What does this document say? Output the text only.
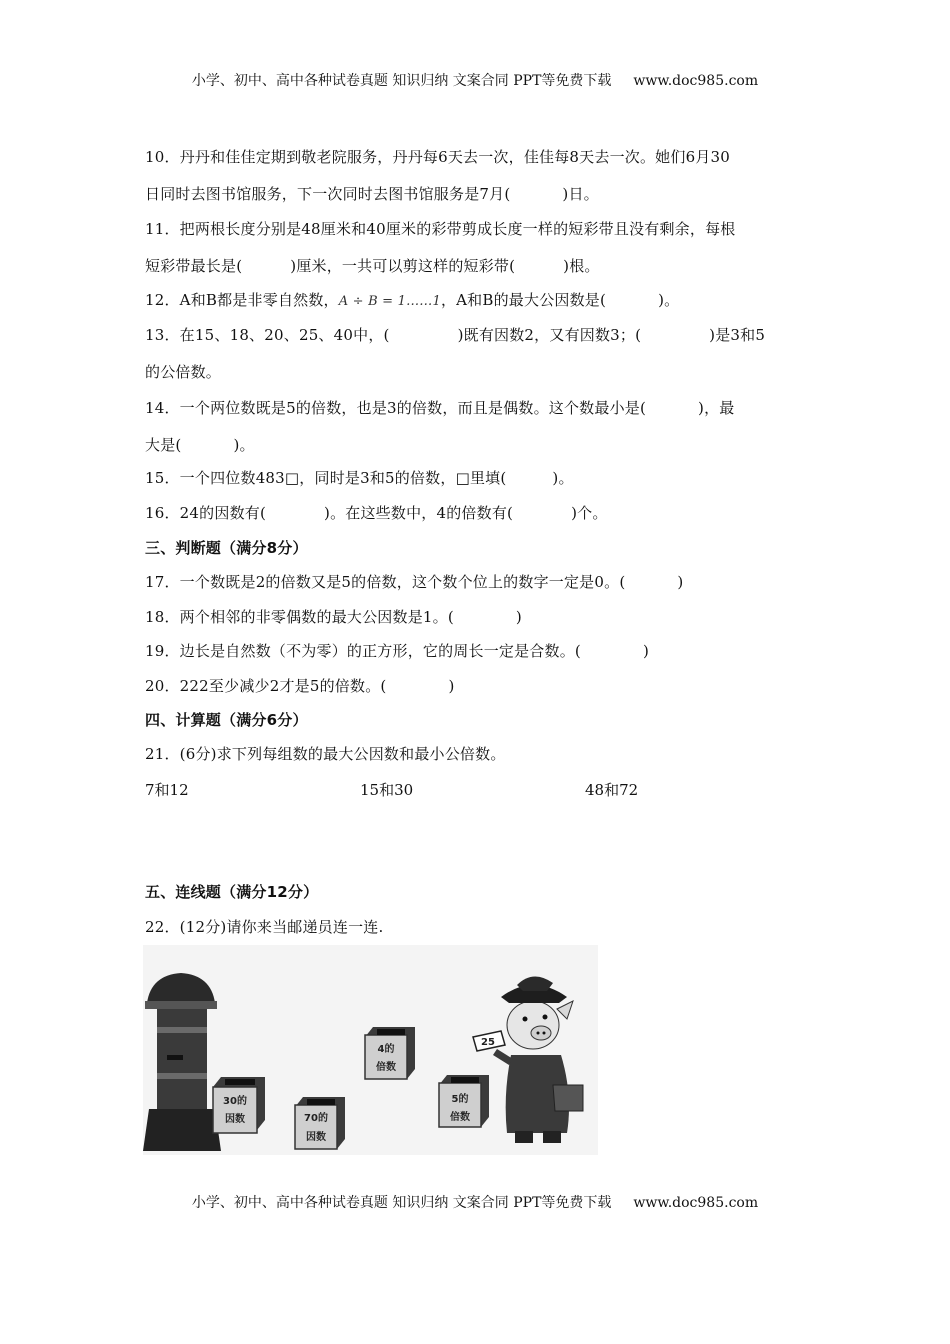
小学、初中、高中各种试卷真题 知识归纳 文案合同 PPT等免费下载 www.doc985.com
10．丹丹和佳佳定期到敬老院服务，丹丹每6天去一次，佳佳每8天去一次。她们6月30
日同时去图书馆服务，下一次同时去图书馆服务是7月(	)日。
11．把两根长度分别是48厘米和40厘米的彩带剪成长度一样的短彩带且没有剩余，每根
短彩带最长是(	)厘米，一共可以剪这样的短彩带(	)根。
12．A和B都是非零自然数，A ÷ B = 1……1，A和B的最大公因数是(	)。
13．在15、18、20、25、40中，(	)既有因数2，又有因数3；(	)是3和5
的公倍数。
14．一个两位数既是5的倍数，也是3的倍数，而且是偶数。这个数最小是(	)，最
大是(	)。
15．一个四位数483□，同时是3和5的倍数，□里填(	)。
16．24的因数有(	)。在这些数中，4的倍数有(	)个。
三、判断题（满分8分）
17．一个数既是2的倍数又是5的倍数，这个数个位上的数字一定是0。(	)
18．两个相邻的非零偶数的最大公因数是1。(	)
19．边长是自然数（不为零）的正方形，它的周长一定是合数。(	)
20．222至少减少2才是5的倍数。(	)
四、计算题（满分6分）
21．(6分)求下列每组数的最大公因数和最小公倍数。
7和12	15和30	48和72
五、连线题（满分12分）
22．(12分)请你来当邮递员连一连.
30的
因数	70的
因数
4的
倍数
5的
倍数
25
小学、初中、高中各种试卷真题 知识归纳 文案合同 PPT等免费下载 www.doc985.com
